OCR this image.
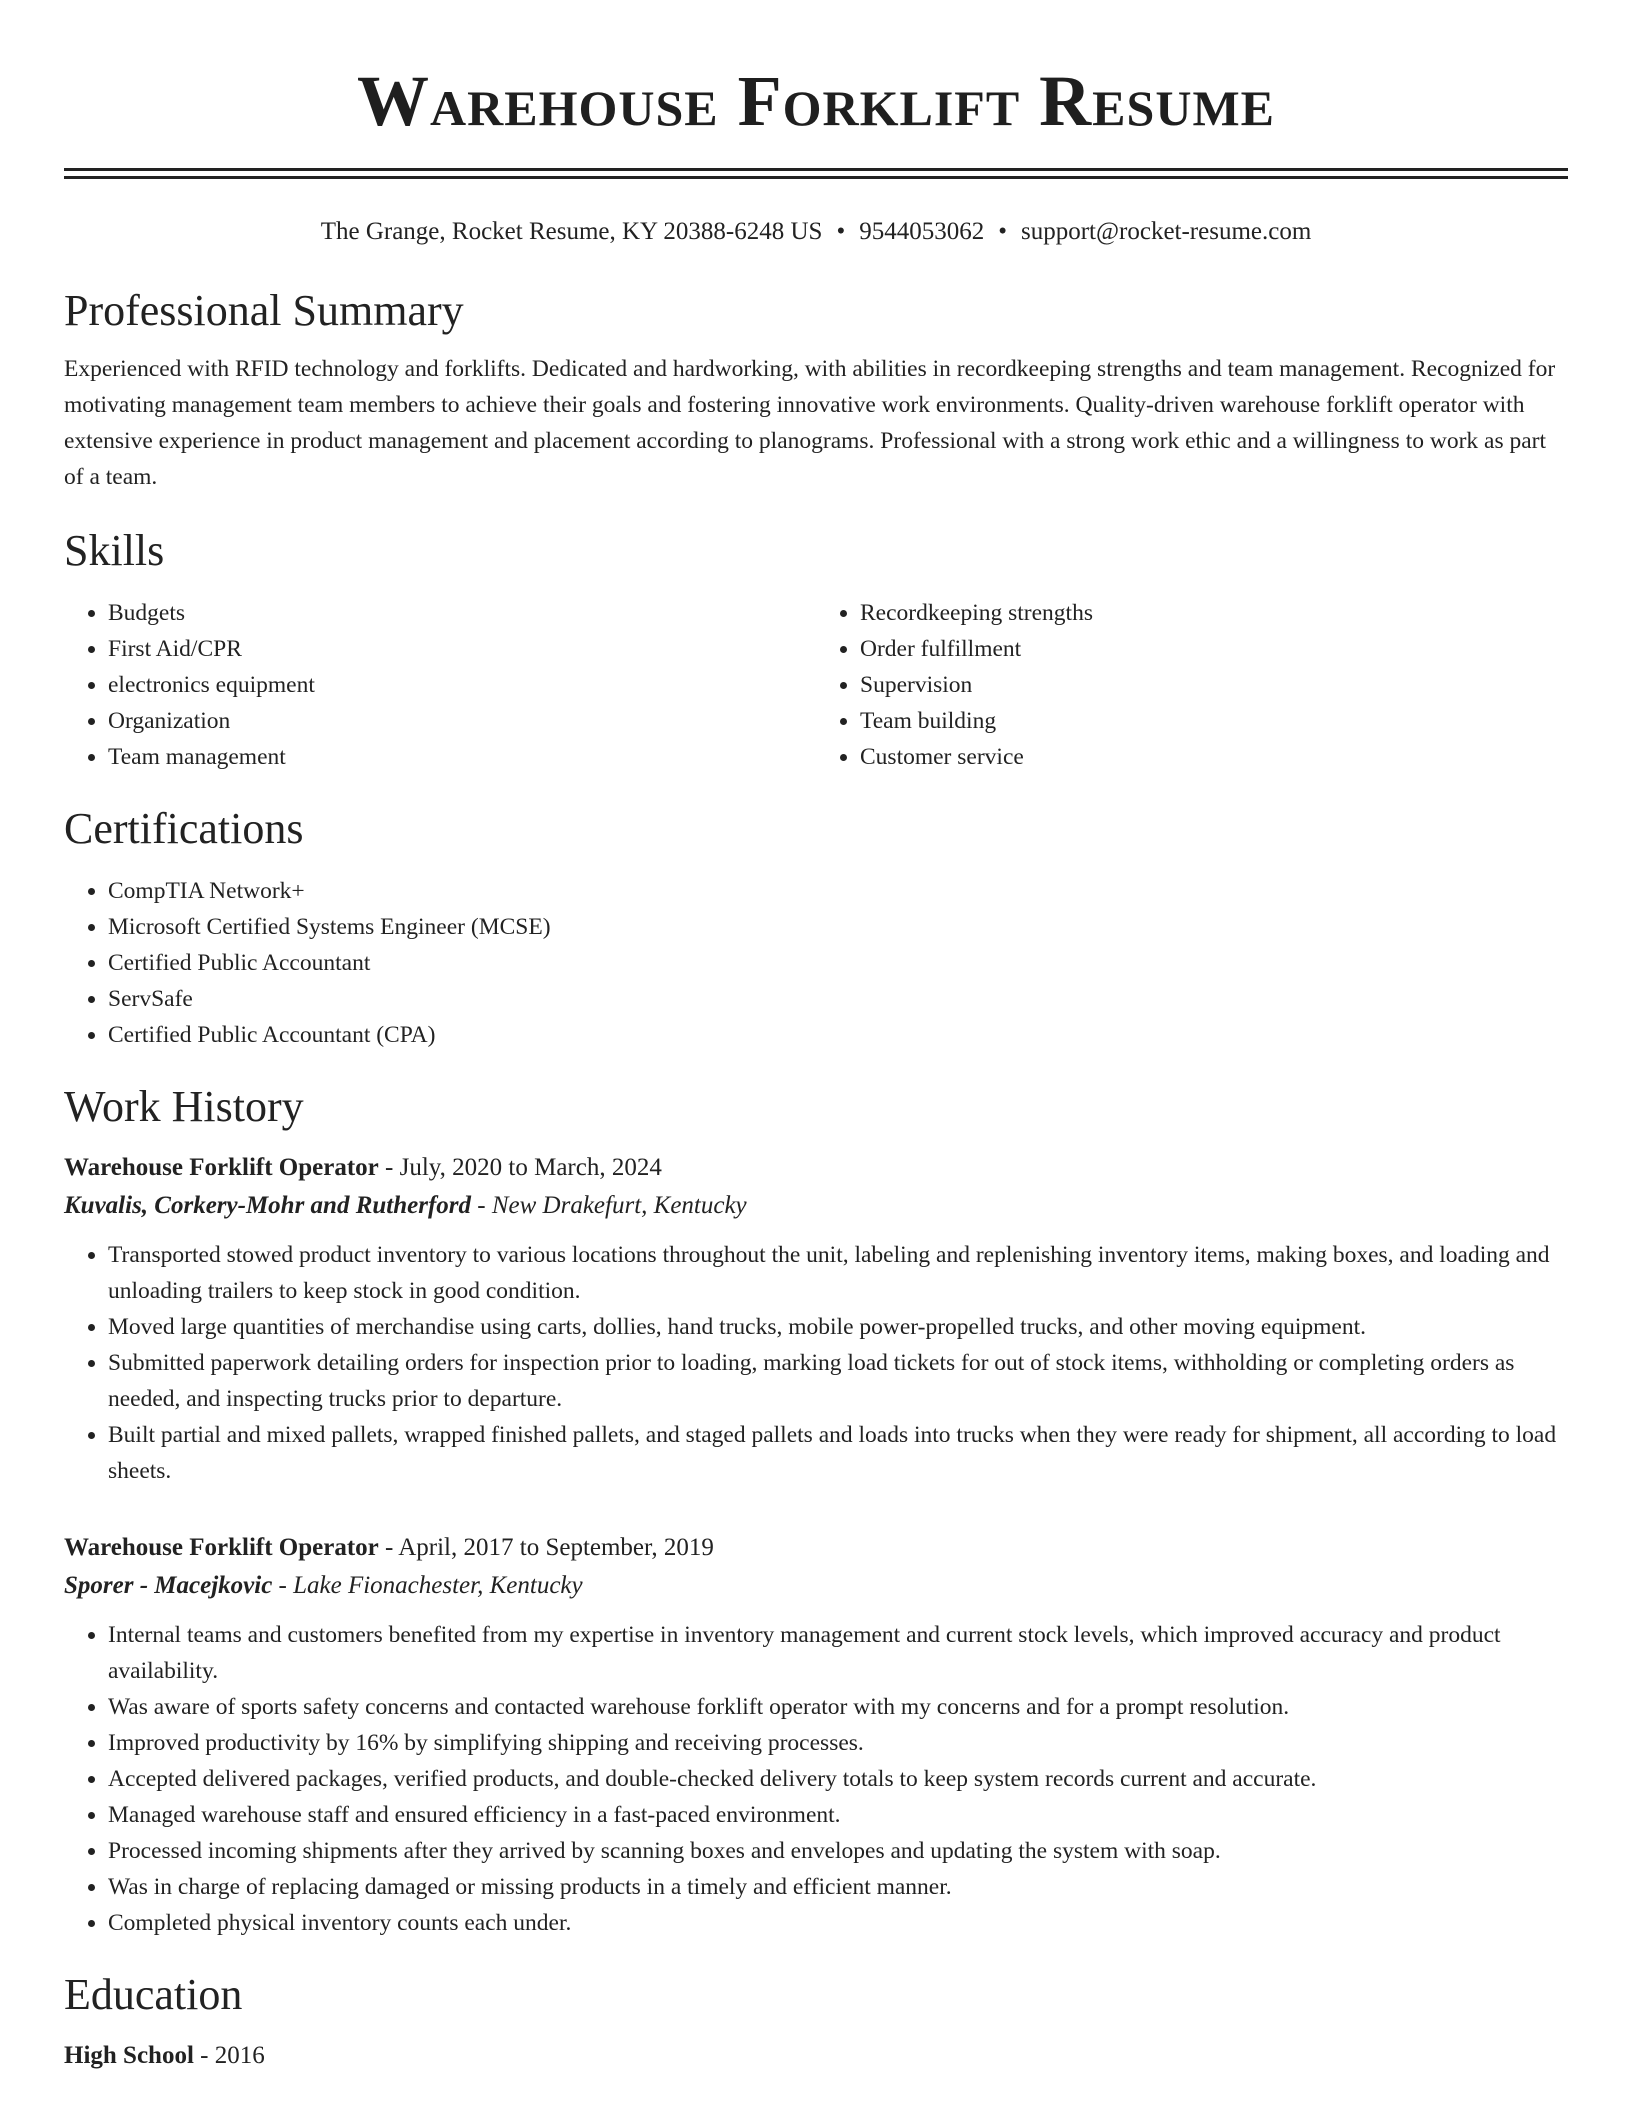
Warehouse Forklift Resume
The Grange, Rocket Resume, KY 20388-6248 US • 9544053062 • support@rocket-resume.com
Professional Summary

Experienced with RFID technology and forklifts. Dedicated and hardworking, with abilities in recordkeeping strengths and team management. Recognized for motivating management team members to achieve their goals and fostering innovative work environments. Quality-driven warehouse forklift operator with extensive experience in product management and placement according to planograms. Professional with a strong work ethic and a willingness to work as part of a team.

Skills
• Budgets
• First Aid/CPR
• electronics equipment
• Organization
• Team management
• Recordkeeping strengths
• Order fulfillment
• Supervision
• Team building
• Customer service
Certifications
• CompTIA Network+
• Microsoft Certified Systems Engineer (MCSE)
• Certified Public Accountant
• ServSafe
• Certified Public Accountant (CPA)
Work History
Warehouse Forklift Operator - July, 2020 to March, 2024
Kuvalis, Corkery-Mohr and Rutherford - New Drakefurt, Kentucky
• Transported stowed product inventory to various locations throughout the unit, labeling and replenishing inventory items, making boxes, and loading and unloading trailers to keep stock in good condition.
• Moved large quantities of merchandise using carts, dollies, hand trucks, mobile power-propelled trucks, and other moving equipment.
• Submitted paperwork detailing orders for inspection prior to loading, marking load tickets for out of stock items, withholding or completing orders as needed, and inspecting trucks prior to departure.
• Built partial and mixed pallets, wrapped finished pallets, and staged pallets and loads into trucks when they were ready for shipment, all according to load sheets.
Warehouse Forklift Operator - April, 2017 to September, 2019
Sporer - Macejkovic - Lake Fionachester, Kentucky
• Internal teams and customers benefited from my expertise in inventory management and current stock levels, which improved accuracy and product availability.
• Was aware of sports safety concerns and contacted warehouse forklift operator with my concerns and for a prompt resolution.
• Improved productivity by 16% by simplifying shipping and receiving processes.
• Accepted delivered packages, verified products, and double-checked delivery totals to keep system records current and accurate.
• Managed warehouse staff and ensured efficiency in a fast-paced environment.
• Processed incoming shipments after they arrived by scanning boxes and envelopes and updating the system with soap.
• Was in charge of replacing damaged or missing products in a timely and efficient manner.
• Completed physical inventory counts each under.
Education
High School - 2016
